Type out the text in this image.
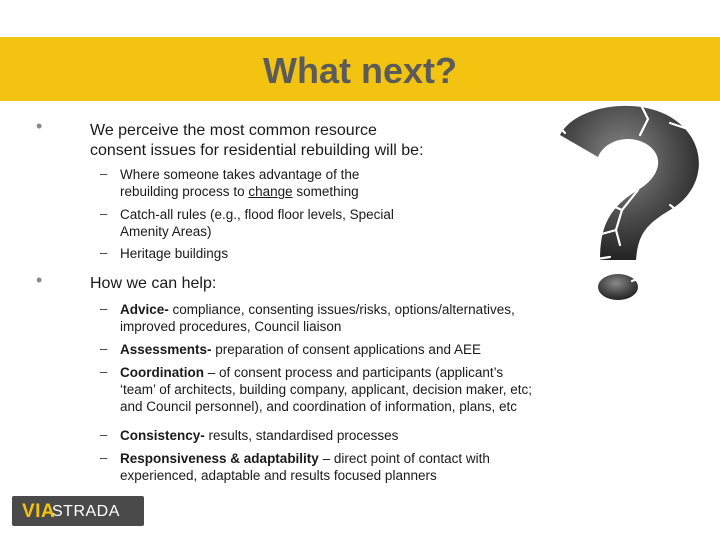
What next?
•	We perceive the most common resource
consent issues for residential rebuilding will be:
– Where someone takes advantage of the
rebuilding process to change something
– Catch-all rules (e.g., flood floor levels, Special
Amenity Areas)
– Heritage buildings
•	How we can help:
– Advice- compliance, consenting issues/risks, options/alternatives,
improved procedures, Council liaison
– Assessments- preparation of consent applications and AEE
– Coordination – of consent process and participants (applicant’s
‘team’ of architects, building company, applicant, decision maker, etc;
and Council personnel), and coordination of information, plans, etc
– Consistency- results, standardised processes
– Responsiveness & adaptability – direct point of contact with
experienced, adaptable and results focused planners
VIA
STRADA
